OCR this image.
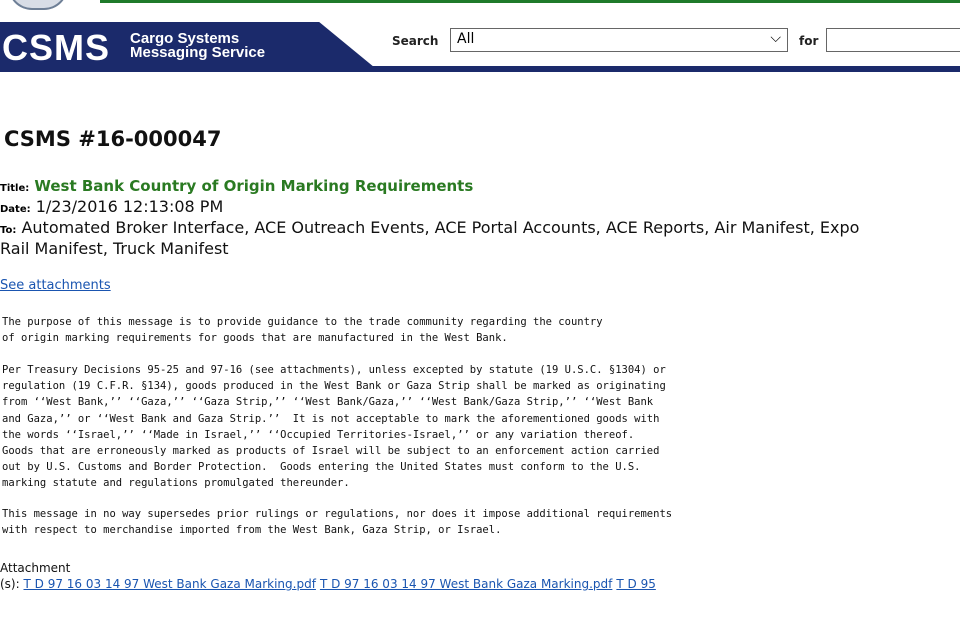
CSMS Cargo Systems
Messaging Service
Search	All	⌵ for
CSMS #16-000047
Title: West Bank Country of Origin Marking Requirements
Date: 1/23/2016 12:13:08 PM
To: Automated Broker Interface, ACE Outreach Events, ACE Portal Accounts, ACE Reports, Air Manifest, Expo
Rail Manifest, Truck Manifest
See attachments
The purpose of this message is to provide guidance to the trade community regarding the country
of origin marking requirements for goods that are manufactured in the West Bank.
Per Treasury Decisions 95-25 and 97-16 (see attachments), unless excepted by statute (19 U.S.C. §1304) or
regulation (19 C.F.R. §134), goods produced in the West Bank or Gaza Strip shall be marked as originating
from ‘‘West Bank,’’ ‘‘Gaza,’’ ‘‘Gaza Strip,’’ ‘‘West Bank/Gaza,’’ ‘‘West Bank/Gaza Strip,’’ ‘‘West Bank
and Gaza,’’ or ‘‘West Bank and Gaza Strip.’’  It is not acceptable to mark the aforementioned goods with
the words ‘‘Israel,’’ ‘‘Made in Israel,’’ ‘‘Occupied Territories-Israel,’’ or any variation thereof.
Goods that are erroneously marked as products of Israel will be subject to an enforcement action carried
out by U.S. Customs and Border Protection.  Goods entering the United States must conform to the U.S.
marking statute and regulations promulgated thereunder.
This message in no way supersedes prior rulings or regulations, nor does it impose additional requirements
with respect to merchandise imported from the West Bank, Gaza Strip, or Israel.
Attachment
(s): T D 97 16 03 14 97 West Bank Gaza Marking.pdf T D 97 16 03 14 97 West Bank Gaza Marking.pdf T D 95
